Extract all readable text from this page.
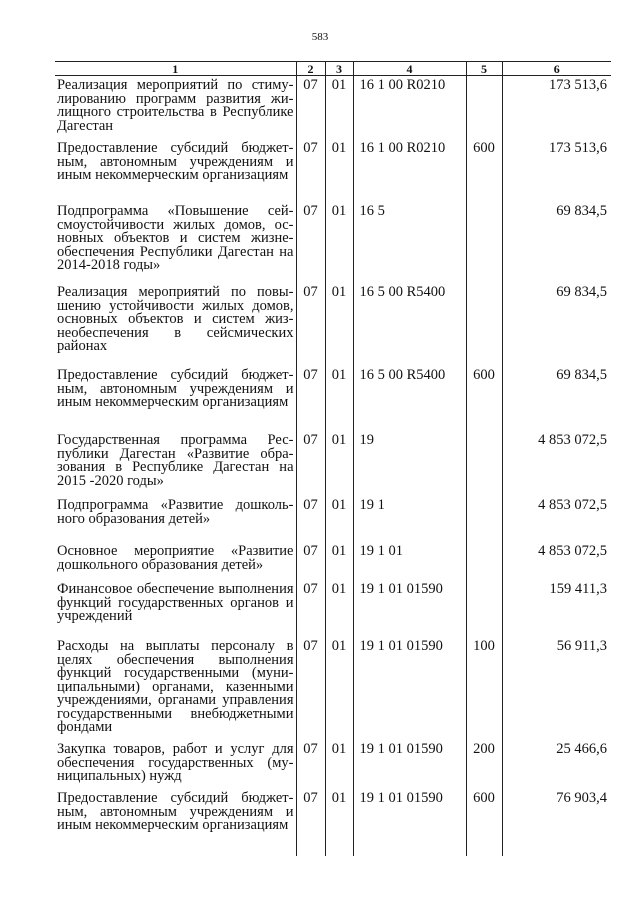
583
1	2	3	4	5	6
Реализация мероприятий по стимулированию программ развития жилищного строительства в Республике Дагестан	07	01	16 1 00 R0210		173 513,6
Предоставление субсидий бюджетным, автономным учреждениям и иным некоммерческим организациям	07	01	16 1 00 R0210	600	173 513,6
Подпрограмма «Повышение сейсмоустойчивости жилых домов, основных объектов и систем жизнеобеспечения Республики Дагестан на 2014-2018 годы»	07	01	16 5		69 834,5
Реализация мероприятий по повышению устойчивости жилых домов, основных объектов и систем жизнеобеспечения в сейсмических районах	07	01	16 5 00 R5400		69 834,5
Предоставление субсидий бюджетным, автономным учреждениям и иным некоммерческим организациям	07	01	16 5 00 R5400	600	69 834,5
Государственная программа Республики Дагестан «Развитие образования в Республике Дагестан на 2015 -2020 годы»	07	01	19		4 853 072,5
Подпрограмма «Развитие дошкольного образования детей»	07	01	19 1		4 853 072,5
Основное мероприятие «Развитие дошкольного образования детей»	07	01	19 1 01		4 853 072,5
Финансовое обеспечение выполнения функций государственных органов и учреждений	07	01	19 1 01 01590		159 411,3
Расходы на выплаты персоналу в целях обеспечения выполнения функций государственными (муниципальными) органами, казенными учреждениями, органами управления государственными внебюджетными фондами	07	01	19 1 01 01590	100	56 911,3
Закупка товаров, работ и услуг для обеспечения государственных (муниципальных) нужд	07	01	19 1 01 01590	200	25 466,6
Предоставление субсидий бюджетным, автономным учреждениям и иным некоммерческим организациям	07	01	19 1 01 01590	600	76 903,4
